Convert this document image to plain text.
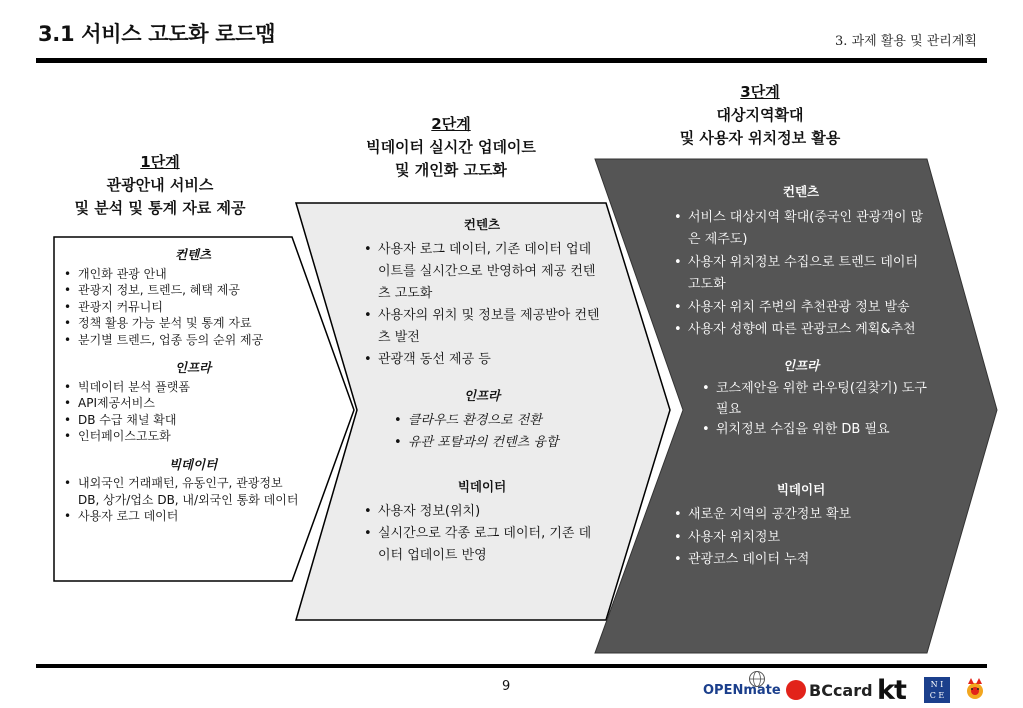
3.1 서비스 고도화 로드맵	3. 과제 활용 및 관리계획
1단계
관광안내 서비스
및 분석 및 통계 자료 제공
2단계
빅데이터 실시간 업데이트
및 개인화 고도화
3단계
대상지역확대
및 사용자 위치정보 활용
컨텐츠
• 개인화 관광 안내
• 관광지 정보, 트렌드, 혜택 제공
• 관광지 커뮤니티
• 정책 활용 가능 분석 및 통계 자료
• 분기별 트렌드, 업종 등의 순위 제공
인프라
• 빅데이터 분석 플랫폼
• API제공서비스
• DB 수급 채널 확대
• 인터페이스고도화
빅데이터
• 내외국인 거래패턴, 유동인구, 관광정보 DB, 상가/업소 DB, 내/외국인 통화 데이터
• 사용자 로그 데이터
컨텐츠
• 사용자 로그 데이터, 기존 데이터 업데이트를 실시간으로 반영하여 제공 컨텐츠 고도화
• 사용자의 위치 및 정보를 제공받아 컨텐츠 발전
• 관광객 동선 제공 등
인프라
• 클라우드 환경으로 전환
• 유관 포탈과의 컨텐츠 융합
빅데이터
• 사용자 정보(위치)
• 실시간으로 각종 로그 데이터, 기존 데이터 업데이트 반영
컨텐츠
• 서비스 대상지역 확대(중국인 관광객이 많은 제주도)
• 사용자 위치정보 수집으로 트렌드 데이터 고도화
• 사용자 위치 주변의 추천관광 정보 발송
• 사용자 성향에 따른 관광코스 계획&추천
인프라
• 코스제안을 위한 라우팅(길찾기) 도구 필요
• 위치정보 수집을 위한 DB 필요
빅데이터
• 새로운 지역의 공간정보 확보
• 사용자 위치정보
• 관광코스 데이터 누적
9	OPENmate BCcard kt	N I
C E
